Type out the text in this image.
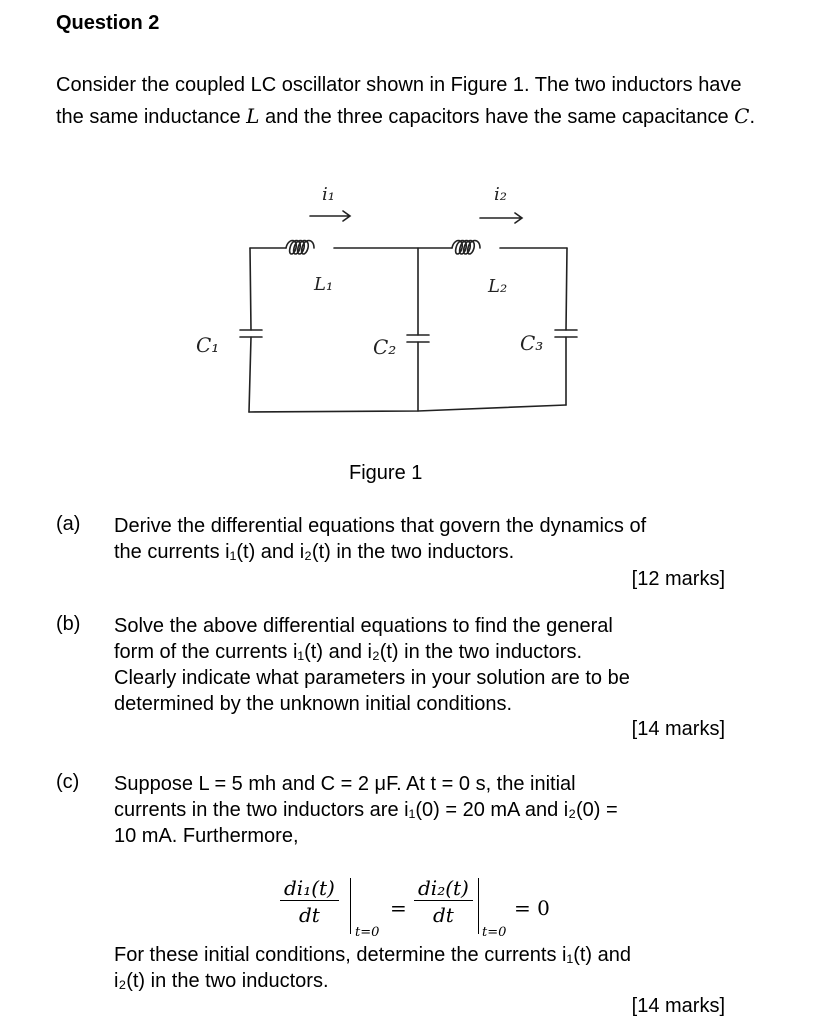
Question 2
Consider the coupled LC oscillator shown in Figure 1. The two inductors have the same inductance L and the three capacitors have the same capacitance C.
i₁	i₂
L₁	L₂
C₁	C₂	C₃
Figure 1
(a) Derive the differential equations that govern the dynamics of
the currents i₁(t) and i₂(t) in the two inductors.
[12 marks]
(b) Solve the above differential equations to find the general
form of the currents i₁(t) and i₂(t) in the two inductors.
Clearly indicate what parameters in your solution are to be
determined by the unknown initial conditions.
[14 marks]
(c) Suppose L = 5 mh and C = 2 μF. At t = 0 s, the initial
currents in the two inductors are i₁(0) = 20 mA and i₂(0) =
10 mA. Furthermore,
$\frac{\text{di₁(t)}}{dt}$
t=0
= $\frac{\text{di₂(t)}}{dt}$
t=0
= 0
For these initial conditions, determine the currents i₁(t) and
i₂(t) in the two inductors.
[14 marks]
